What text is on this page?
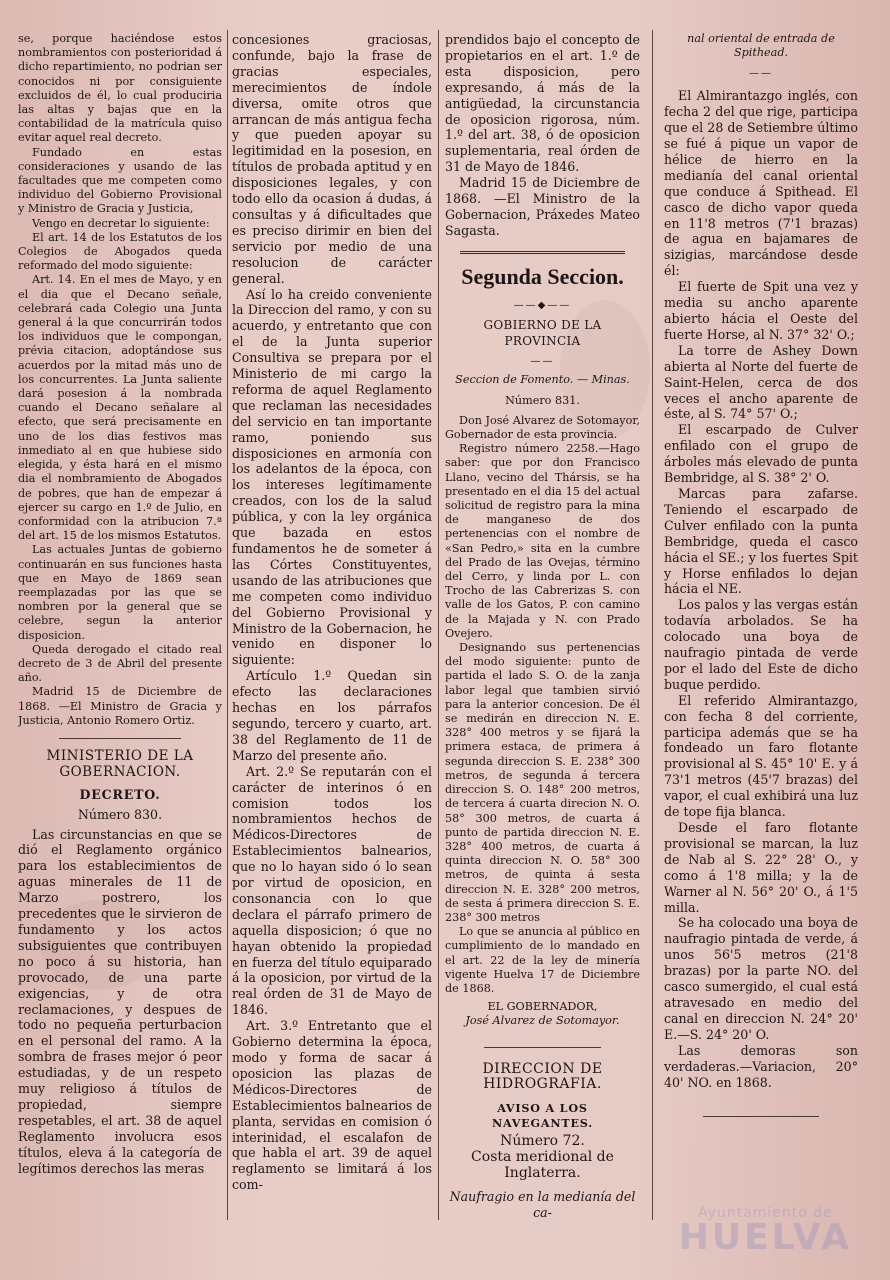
se, porque haciéndose estos nombramientos con posterioridad á dicho repartimiento, no podrian ser conocidos ni por consiguiente excluidos de él, lo cual produciria las altas y bajas que en la contabilidad de la matrícula quiso evitar aquel real decreto.

Fundado en estas consideraciones y usando de las facultades que me competen como individuo del Gobierno Provisional y Ministro de Gracia y Justicia,

Vengo en decretar lo siguiente:

El art. 14 de los Estatutos de los Colegios de Abogados queda reformado del modo siguiente:

Art. 14. En el mes de Mayo, y en el dia que el Decano señale, celebrará cada Colegio una Junta general á la que concurrirán todos los individuos que le compongan, prévia citacion, adoptándose sus acuerdos por la mitad más uno de los concurrentes. La Junta saliente dará posesion á la nombrada cuando el Decano señalare al efecto, que será precisamente en uno de los dias festivos mas inmediato al en que hubiese sido elegida, y ésta hará en el mismo dia el nombramiento de Abogados de pobres, que han de empezar á ejercer su cargo en 1.º de Julio, en conformidad con la atribucion 7.ª del art. 15 de los mismos Estatutos.

Las actuales Juntas de gobierno continuarán en sus funciones hasta que en Mayo de 1869 sean reemplazadas por las que se nombren por la general que se celebre, segun la anterior disposicion.

Queda derogado el citado real decreto de 3 de Abril del presente año.

Madrid 15 de Diciembre de 1868. —El Ministro de Gracia y Justicia, Antonio Romero Ortiz.

MINISTERIO DE LA GOBERNACION.

DECRETO.

Número 830.

Las circunstancias en que se dió el Reglamento orgánico para los establecimientos de aguas minerales de 11 de Marzo postrero, los precedentes que le sirvieron de fundamento y los actos subsiguientes que contribuyen no poco á su historia, han provocado, de una parte exigencias, y de otra reclamaciones, y despues de todo no pequeña perturbacion en el personal del ramo. A la sombra de frases mejor ó peor estudiadas, y de un respeto muy religioso á títulos de propiedad, siempre respetables, el art. 38 de aquel Reglamento involucra esos títulos, eleva á la categoría de legítimos derechos las meras

concesiones graciosas, confunde, bajo la frase de gracias especiales, merecimientos de índole diversa, omite otros que arrancan de más antigua fecha y que pueden apoyar su legitimidad en la posesion, en títulos de probada aptitud y en disposiciones legales, y con todo ello da ocasion á dudas, á consultas y á dificultades que es preciso dirimir en bien del servicio por medio de una resolucion de carácter general.

Así lo ha creido conveniente la Direccion del ramo, y con su acuerdo, y entretanto que con el de la Junta superior Consultiva se prepara por el Ministerio de mi cargo la reforma de aquel Reglamento que reclaman las necesidades del servicio en tan importante ramo, poniendo sus disposiciones en armonía con los adelantos de la época, con los intereses legítimamente creados, con los de la salud pública, y con la ley orgánica que bazada en estos fundamentos he de someter á las Córtes Constituyentes, usando de las atribuciones que me competen como individuo del Gobierno Provisional y Ministro de la Gobernacion, he venido en disponer lo siguiente:

Artículo 1.º Quedan sin efecto las declaraciones hechas en los párrafos segundo, tercero y cuarto, art. 38 del Reglamento de 11 de Marzo del presente año.

Art. 2.º Se reputarán con el carácter de interinos ó en comision todos los nombramientos hechos de Médicos-Directores de Establecimientos balnearios, que no lo hayan sido ó lo sean por virtud de oposicion, en consonancia con lo que declara el párrafo primero de aquella disposicion; ó que no hayan obtenido la propiedad en fuerza del título equiparado á la oposicion, por virtud de la real órden de 31 de Mayo de 1846.

Art. 3.º Entretanto que el Gobierno determina la época, modo y forma de sacar á oposicion las plazas de Médicos-Directores de Establecimientos balnearios de planta, servidas en comision ó interinidad, el escalafon de que habla el art. 39 de aquel reglamento se limitará á los com-

prendidos bajo el concepto de propietarios en el art. 1.º de esta disposicion, pero expresando, á más de la antigüedad, la circunstancia de oposicion rigorosa, núm. 1.º del art. 38, ó de oposicion suplementaria, real órden de 31 de Mayo de 1846.

Madrid 15 de Diciembre de 1868. —El Ministro de la Gobernacion, Práxedes Mateo Sagasta.

Segunda Seccion.

——◆——

GOBIERNO DE LA PROVINCIA

——

Seccion de Fomento. — Minas.

Número 831.

Don José Alvarez de Sotomayor, Gobernador de esta provincia.

Registro número 2258.—Hago saber: que por don Francisco Llano, vecino del Thársis, se ha presentado en el dia 15 del actual solicitud de registro para la mina de manganeso de dos pertenencias con el nombre de «San Pedro,» sita en la cumbre del Prado de las Ovejas, término del Cerro, y linda por L. con Trocho de las Cabrerizas S. con valle de los Gatos, P. con camino de la Majada y N. con Prado Ovejero.

Designando sus pertenencias del modo siguiente: punto de partida el lado S. O. de la zanja labor legal que tambien sirvió para la anterior concesion. De él se medirán en direccion N. E. 328° 400 metros y se fijará la primera estaca, de primera á segunda direccion S. E. 238° 300 metros, de segunda á tercera direccion S. O. 148° 200 metros, de tercera á cuarta direcion N. O. 58° 300 metros, de cuarta á punto de partida direccion N. E. 328° 400 metros, de cuarta á quinta direccion N. O. 58° 300 metros, de quinta á sesta direccion N. E. 328° 200 metros, de sesta á primera direccion S. E. 238° 300 metros

Lo que se anuncia al público en cumplimiento de lo mandado en el art. 22 de la ley de minería vigente Huelva 17 de Diciembre de 1868.

EL GOBERNADOR,

José Alvarez de Sotomayor.

DIRECCION DE HIDROGRAFIA.

AVISO A LOS NAVEGANTES.

Número 72.

Costa meridional de Inglaterra.

Naufragio en la medianía del ca-

nal oriental de entrada de Spithead.

——

El Almirantazgo inglés, con fecha 2 del que rige, participa que el 28 de Setiembre último se fué á pique un vapor de hélice de hierro en la medianía del canal oriental que conduce á Spithead. El casco de dicho vapor queda en 11'8 metros (7'1 brazas) de agua en bajamares de sizigias, marcándose desde él:

El fuerte de Spit una vez y media su ancho aparente abierto hácia el Oeste del fuerte Horse, al N. 37° 32' O.;

La torre de Ashey Down abierta al Norte del fuerte de Saint-Helen, cerca de dos veces el ancho aparente de éste, al S. 74° 57' O.;

El escarpado de Culver enfilado con el grupo de árboles más elevado de punta Bembridge, al S. 38° 2' O.

Marcas para zafarse. Teniendo el escarpado de Culver enfilado con la punta Bembridge, queda el casco hácia el SE.; y los fuertes Spit y Horse enfilados lo dejan hácia el NE.

Los palos y las vergas están todavía arbolados. Se ha colocado una boya de naufragio pintada de verde por el lado del Este de dicho buque perdido.

El referido Almirantazgo, con fecha 8 del corriente, participa además que se ha fondeado un faro flotante provisional al S. 45° 10' E. y á 73'1 metros (45'7 brazas) del vapor, el cual exhibirá una luz de tope fija blanca.

Desde el faro flotante provisional se marcan, la luz de Nab al S. 22° 28' O., y como á 1'8 milla; y la de Warner al N. 56° 20' O., á 1'5 milla.

Se ha colocado una boya de naufragio pintada de verde, á unos 56'5 metros (21'8 brazas) por la parte NO. del casco sumergido, el cual está atravesado en medio del canal en direccion N. 24° 20' E.—S. 24° 20' O.

Las demoras son verdaderas.—Variacion, 20° 40' NO. en 1868.

Ayuntamiento de
HUELVA
